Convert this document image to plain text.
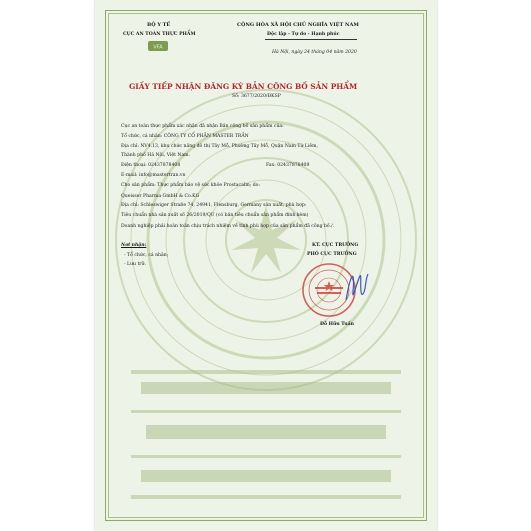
BỘ Y TẾ
CỤC AN TOÀN THỰC PHẨM
VFA
CỘNG HÒA XÃ HỘI CHỦ NGHĨA VIỆT NAM
Độc lập - Tự do - Hạnh phúc
Hà Nội, ngày 24 tháng 04 năm 2020
GIẤY TIẾP NHẬN ĐĂNG KÝ BẢN CÔNG BỐ SẢN PHẨM
Số: 3677/2020/ĐKSP
Cục an toàn thực phẩm xác nhận đã nhận Bản công bố sản phẩm của:
Tổ chức, cá nhân: CÔNG TY CỔ PHẦN MASTER TRẦN
Địa chỉ: NV4.13, khu chức năng đô thị Tây Mỗ, Phường Tây Mỗ, Quận Nam Từ Liêm,
Thành phố Hà Nội, Việt Nam.
Điện thoại: 02437878408	Fax: 02437878409
E-mail: info@mastertran.vn
Cho sản phẩm: Thực phẩm bảo vệ sức khỏe Prostacalm; do:
Queisser Pharma GmbH & Co.KG
Địa chỉ: Schleswiger Straße 74, 24941, Flensburg, Germany sản xuất, phù hợp:
Tiêu chuẩn nhà sản xuất số 26/2019/QU (có bản tiêu chuẩn sản phẩm đính kèm)
Doanh nghiệp phải hoàn toàn chịu trách nhiệm về tính phù hợp của sản phẩm đã công bố./.
Nơi nhận:
- Tổ chức, cá nhân;
- Lưu trữ.
KT. CỤC TRƯỞNG
PHÓ CỤC TRƯỞNG
Đỗ Hữu Tuấn
